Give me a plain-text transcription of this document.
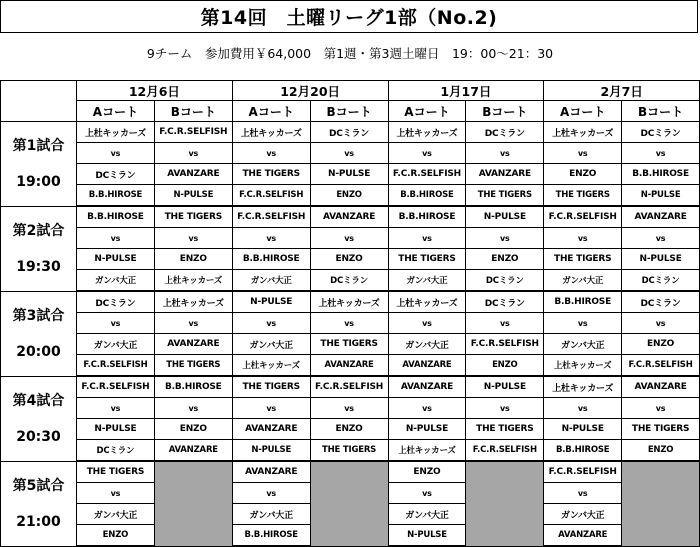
第14回　土曜リーグ1部（No.2)
9チーム　参加費用￥64,000　第1週・第3週土曜日　19：00〜21：30
	12月6日		12月20日		1月17日		2月7日	
	Aコート	Bコート	Aコート	Bコート	Aコート	Bコート	Aコート	Bコート

第1試合
19:00	上杜キッカーズ	F.C.R.SELFISH	上杜キッカーズ	DCミラン	上杜キッカーズ	DCミラン	上杜キッカーズ	DCミラン
	vs	vs	vs	vs	vs	vs	vs	vs
	DCミラン	AVANZARE	THE TIGERS	N-PULSE	F.C.R.SELFISH	AVANZARE	ENZO	B.B.HIROSE
	B.B.HIROSE	N-PULSE	F.C.R.SELFISH	ENZO	B.B.HIROSE	THE TIGERS	THE TIGERS	N-PULSE

第2試合
19:30	B.B.HIROSE	THE TIGERS	F.C.R.SELFISH	AVANZARE	B.B.HIROSE	N-PULSE	F.C.R.SELFISH	AVANZARE
	vs	vs	vs	vs	vs	vs	vs	vs
	N-PULSE	ENZO	B.B.HIROSE	ENZO	THE TIGERS	ENZO	THE TIGERS	N-PULSE
	ガンバ大正	上杜キッカーズ	ガンバ大正	DCミラン	ガンバ大正	DCミラン	ガンバ大正	DCミラン

第3試合
20:00	DCミラン	上杜キッカーズ	N-PULSE	上杜キッカーズ	上杜キッカーズ	DCミラン	B.B.HIROSE	DCミラン
	vs	vs	vs	vs	vs	vs	vs	vs
	ガンバ大正	AVANZARE	ガンバ大正	THE TIGERS	ガンバ大正	F.C.R.SELFISH	ガンバ大正	ENZO
	F.C.R.SELFISH	THE TIGERS	上杜キッカーズ	AVANZARE	AVANZARE	ENZO	上杜キッカーズ	F.C.R.SELFISH

第4試合
20:30	F.C.R.SELFISH	B.B.HIROSE	THE TIGERS	F.C.R.SELFISH	AVANZARE	N-PULSE	上杜キッカーズ	AVANZARE
	vs	vs	vs	vs	vs	vs	vs	vs
	N-PULSE	ENZO	AVANZARE	ENZO	N-PULSE	THE TIGERS	N-PULSE	THE TIGERS
	DCミラン	AVANZARE	N-PULSE	THE TIGERS	上杜キッカーズ	F.C.R.SELFISH	B.B.HIROSE	ENZO

第5試合
21:00	THE TIGERS		AVANZARE		ENZO		F.C.R.SELFISH	
	vs		vs		vs		vs	
	ガンバ大正		ガンバ大正		ガンバ大正		ガンバ大正	
	ENZO		B.B.HIROSE		N-PULSE		AVANZARE	
